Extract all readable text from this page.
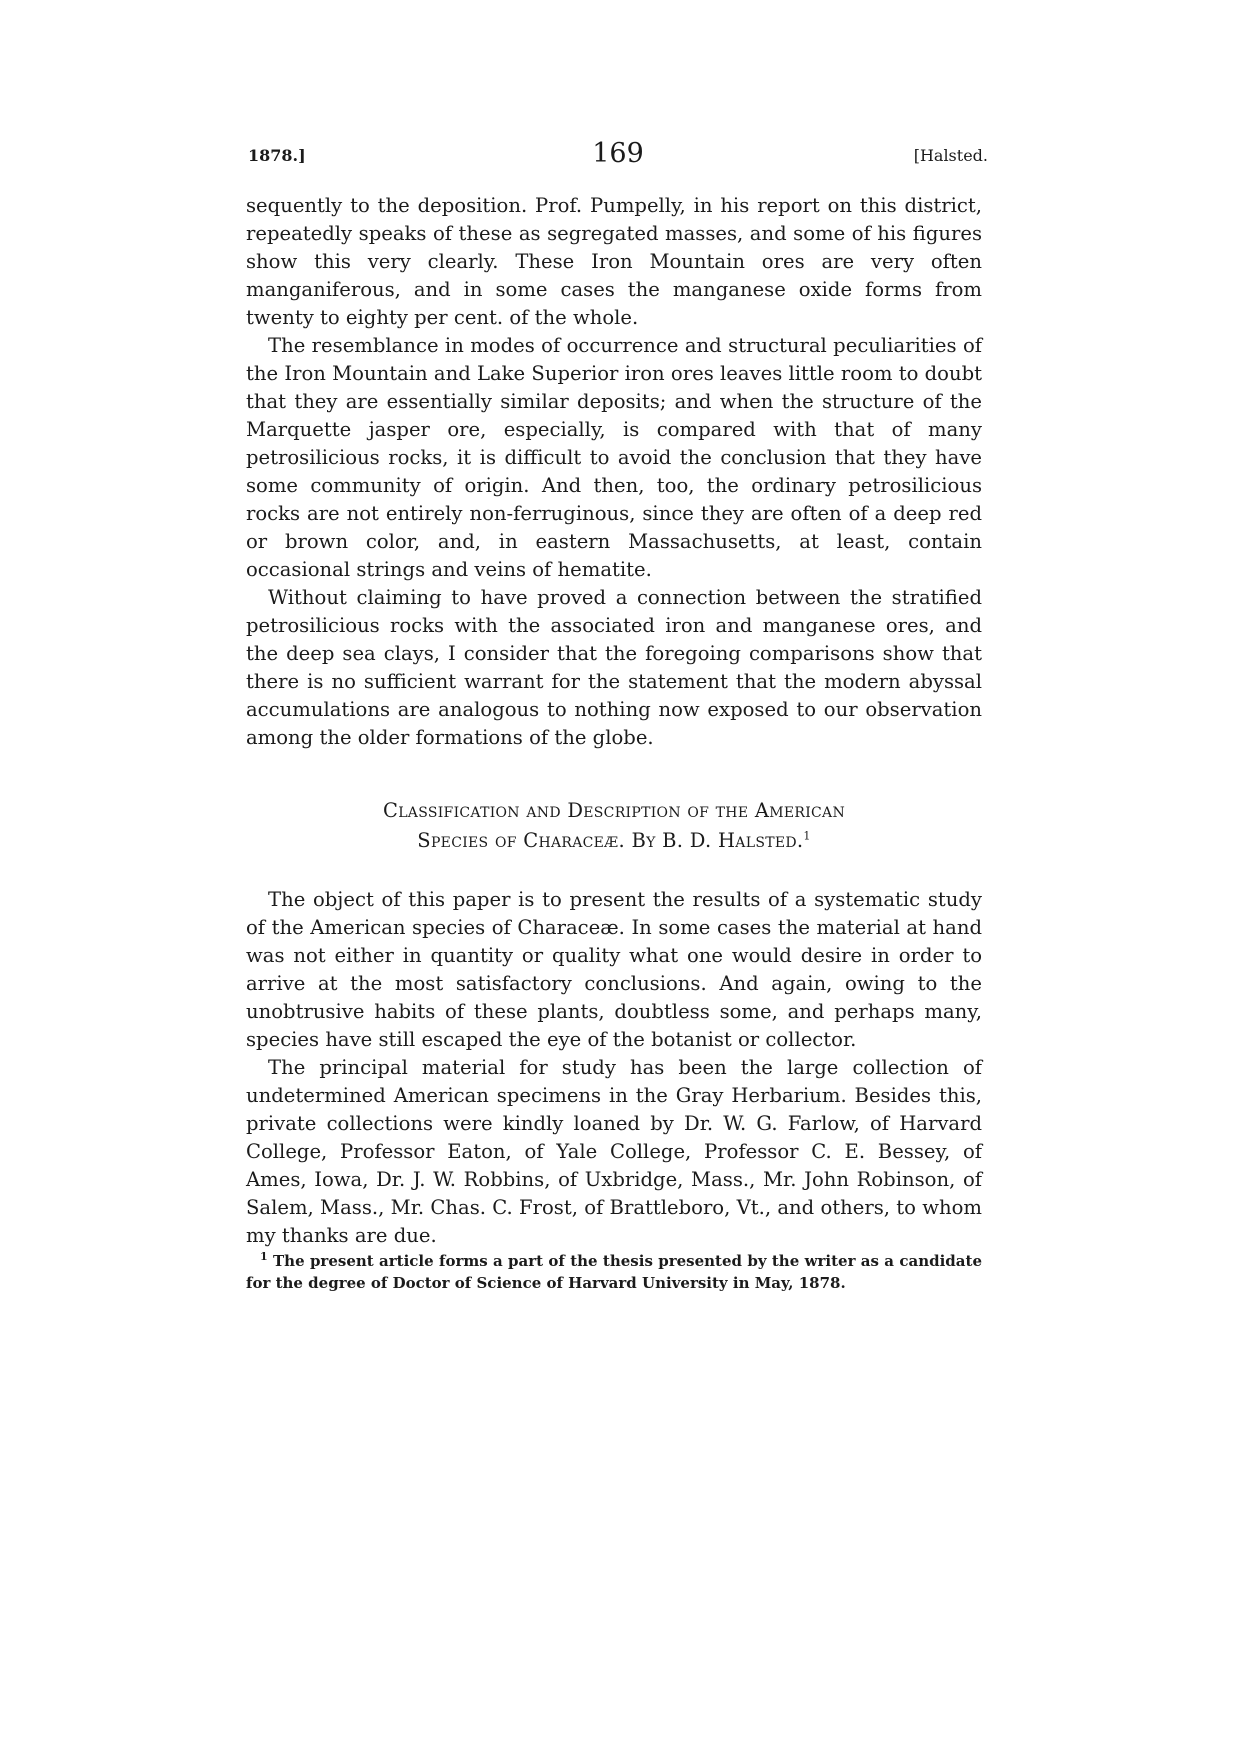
1878.]	169	[Halsted.

sequently to the deposition. Prof. Pumpelly, in his report on this district, repeatedly speaks of these as segregated masses, and some of his figures show this very clearly. These Iron Mountain ores are very often manganiferous, and in some cases the manganese oxide forms from twenty to eighty per cent. of the whole.

The resemblance in modes of occurrence and structural peculiarities of the Iron Mountain and Lake Superior iron ores leaves little room to doubt that they are essentially similar deposits; and when the structure of the Marquette jasper ore, especially, is compared with that of many petrosilicious rocks, it is difficult to avoid the conclusion that they have some community of origin. And then, too, the ordinary petrosilicious rocks are not entirely non-ferruginous, since they are often of a deep red or brown color, and, in eastern Massachusetts, at least, contain occasional strings and veins of hematite.

Without claiming to have proved a connection between the stratified petrosilicious rocks with the associated iron and manganese ores, and the deep sea clays, I consider that the foregoing comparisons show that there is no sufficient warrant for the statement that the modern abyssal accumulations are analogous to nothing now exposed to our observation among the older formations of the globe.

Classification and Description of the American
Species of Characeæ. By B. D. Halsted.$^1$

The object of this paper is to present the results of a systematic study of the American species of Characeæ. In some cases the material at hand was not either in quantity or quality what one would desire in order to arrive at the most satisfactory conclusions. And again, owing to the unobtrusive habits of these plants, doubtless some, and perhaps many, species have still escaped the eye of the botanist or collector.

The principal material for study has been the large collection of undetermined American specimens in the Gray Herbarium. Besides this, private collections were kindly loaned by Dr. W. G. Farlow, of Harvard College, Professor Eaton, of Yale College, Professor C. E. Bessey, of Ames, Iowa, Dr. J. W. Robbins, of Uxbridge, Mass., Mr. John Robinson, of Salem, Mass., Mr. Chas. C. Frost, of Brattleboro, Vt., and others, to whom my thanks are due.

$^1$ The present article forms a part of the thesis presented by the writer as a candidate for the degree of Doctor of Science of Harvard University in May, 1878.
